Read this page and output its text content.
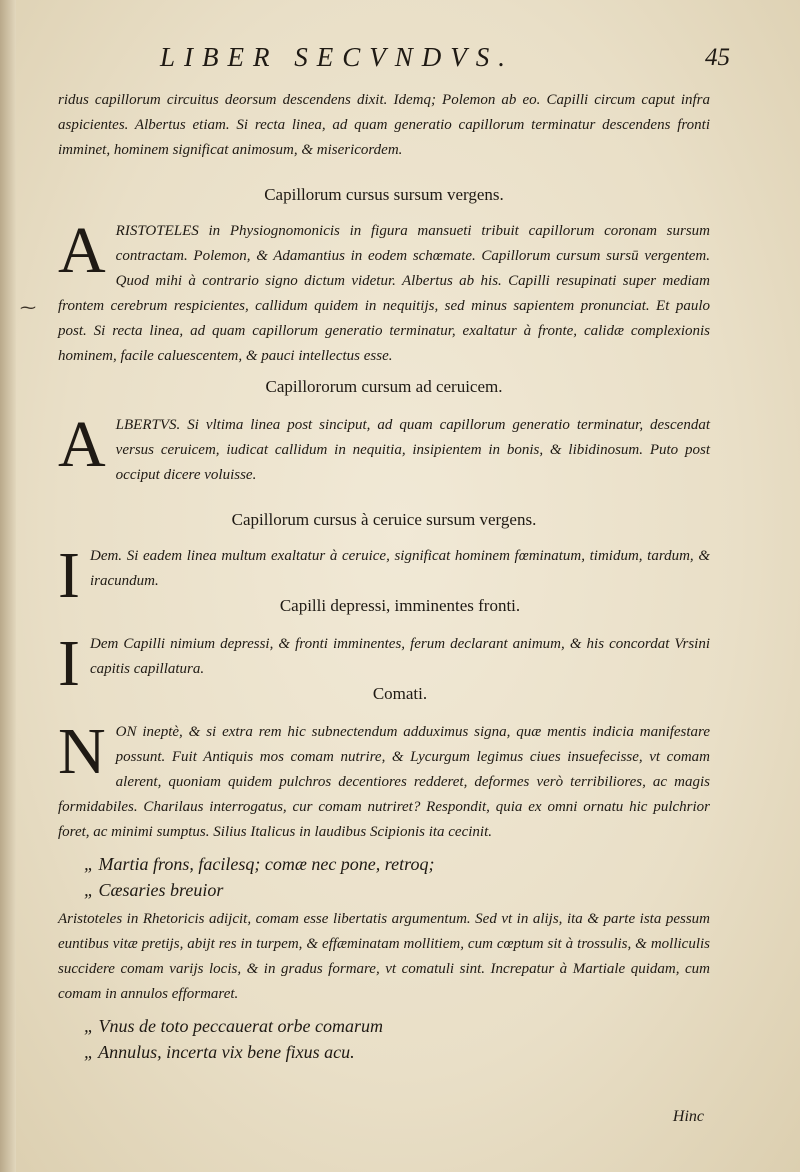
LIBER SECVNDVS.	45
⁓

ridus capillorum circuitus deorsum descendens dixit. Idemq; Polemon ab eo. Capilli circum caput infra aspicientes. Albertus etiam. Si recta linea, ad quam generatio capillorum terminatur descendens fronti imminet, hominem significat animosum, & misericordem.

Capillorum cursus sursum vergens.

A RISTOTELES in Physiognomonicis in figura mansueti tribuit capillorum coronam sursum contractam. Polemon, & Adamantius in eodem schœmate. Capillorum cursum sursū vergentem. Quod mihi à contrario signo dictum videtur. Albertus ab his. Capilli resupinati super mediam frontem cerebrum respicientes, callidum quidem in nequitijs, sed minus sapientem pronunciat. Et paulo post. Si recta linea, ad quam capillorum generatio terminatur, exaltatur à fronte, calidæ complexionis hominem, facile caluescentem, & pauci intellectus esse.

Capillororum cursum ad ceruicem.

A LBERTVS. Si vltima linea post sinciput, ad quam capillorum generatio terminatur, descendat versus ceruicem, iudicat callidum in nequitia, insipientem in bonis, & libidinosum. Puto post occiput dicere voluisse.

Capillorum cursus à ceruice sursum vergens.

I Dem. Si eadem linea multum exaltatur à ceruice, significat hominem fœminatum, timidum, tardum, & iracundum.

Capilli depressi, imminentes fronti.

I Dem Capilli nimium depressi, & fronti imminentes, ferum declarant animum, & his concordat Vrsini capitis capillatura.

Comati.

N ON ineptè, & si extra rem hic subnectendum adduximus signa, quæ mentis indicia manifestare possunt. Fuit Antiquis mos comam nutrire, & Lycurgum legimus ciues insuefecisse, vt comam alerent, quoniam quidem pulchros decentiores redderet, deformes verò terribiliores, ac magis formidabiles. Charilaus interrogatus, cur comam nutriret? Respondit, quia ex omni ornatu hic pulchrior foret, ac minimi sumptus. Silius Italicus in laudibus Scipionis ita cecinit.

„ Martia frons, facilesq; comæ nec pone, retroq;

„ Cæsaries breuior

Aristoteles in Rhetoricis adijcit, comam esse libertatis argumentum. Sed vt in alijs, ita & parte ista pessum euntibus vitæ pretijs, abijt res in turpem, & effæminatam mollitiem, cum cœptum sit à trossulis, & molliculis succidere comam varijs locis, & in gradus formare, vt comatuli sint. Increpatur à Martiale quidam, cum comam in annulos efformaret.

„ Vnus de toto peccauerat orbe comarum

„ Annulus, incerta vix bene fixus acu.

Hinc
